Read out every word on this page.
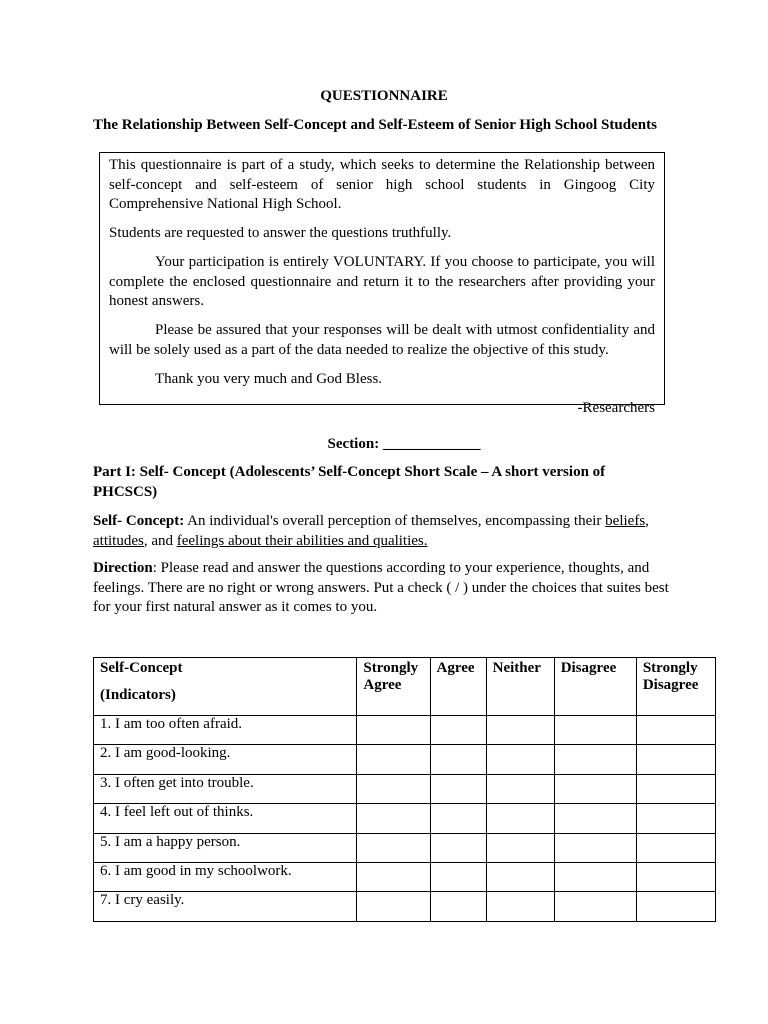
QUESTIONNAIRE
The Relationship Between Self-Concept and Self-Esteem of Senior High School Students

This questionnaire is part of a study, which seeks to determine the Relationship between self-concept and self-esteem of senior high school students in Gingoog City Comprehensive National High School.

Students are requested to answer the questions truthfully.

Your participation is entirely VOLUNTARY. If you choose to participate, you will complete the enclosed questionnaire and return it to the researchers after providing your honest answers.

Please be assured that your responses will be dealt with utmost confidentiality and will be solely used as a part of the data needed to realize the objective of this study.

Thank you very much and God Bless.

-Researchers

Section: _____________
Part I: Self- Concept (Adolescents’ Self-Concept Short Scale – A short version of PHCSCS)
Self- Concept: An individual's overall perception of themselves, encompassing their beliefs, attitudes, and feelings about their abilities and qualities.
Direction: Please read and answer the questions according to your experience, thoughts, and feelings. There are no right or wrong answers. Put a check ( / ) under the choices that suites best for your first natural answer as it comes to you.
Self-Concept
(Indicators)	Strongly Agree	Agree	Neither	Disagree	Strongly Disagree
1. I am too often afraid.					
2. I am good-looking.					
3. I often get into trouble.					
4. I feel left out of thinks.					
5. I am a happy person.					
6. I am good in my schoolwork.					
7. I cry easily.					
